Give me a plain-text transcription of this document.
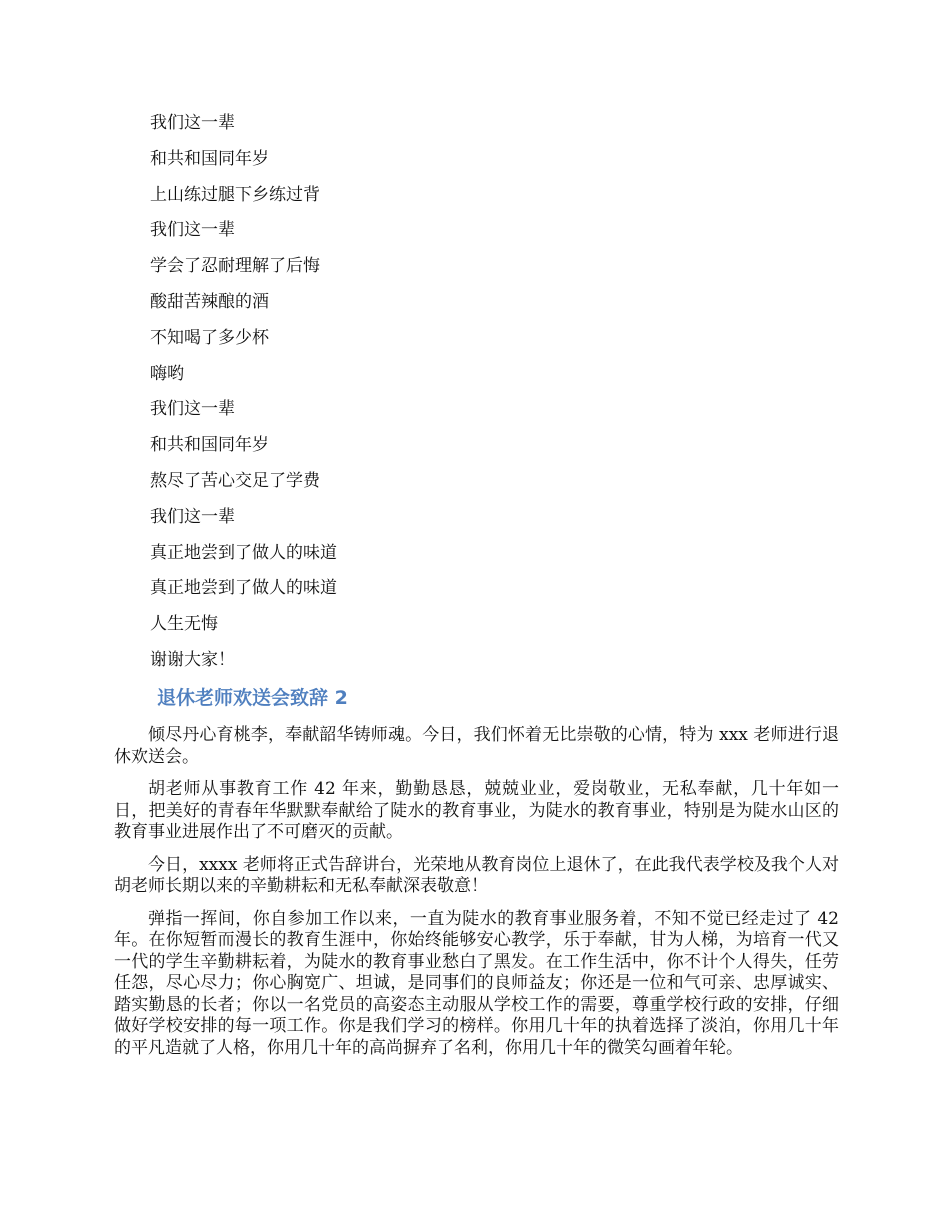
我们这一辈
和共和国同年岁
上山练过腿下乡练过背
我们这一辈
学会了忍耐理解了后悔
酸甜苦辣酿的酒
不知喝了多少杯
嗨哟
我们这一辈
和共和国同年岁
熬尽了苦心交足了学费
我们这一辈
真正地尝到了做人的味道
真正地尝到了做人的味道
人生无悔
谢谢大家！
退休老师欢送会致辞 2

倾尽丹心育桃李，奉献韶华铸师魂。今日，我们怀着无比崇敬的心情，特为 xxx 老师进行退休欢送会。

胡老师从事教育工作 42 年来，勤勤恳恳，兢兢业业，爱岗敬业，无私奉献，几十年如一日，把美好的青春年华默默奉献给了陡水的教育事业，为陡水的教育事业，特别是为陡水山区的教育事业进展作出了不可磨灭的贡献。

今日，xxxx 老师将正式告辞讲台，光荣地从教育岗位上退休了，在此我代表学校及我个人对胡老师长期以来的辛勤耕耘和无私奉献深表敬意！

弹指一挥间，你自参加工作以来，一直为陡水的教育事业服务着，不知不觉已经走过了 42 年。在你短暂而漫长的教育生涯中，你始终能够安心教学，乐于奉献，甘为人梯，为培育一代又一代的学生辛勤耕耘着，为陡水的教育事业愁白了黑发。在工作生活中，你不计个人得失，任劳任怨，尽心尽力；你心胸宽广、坦诚，是同事们的良师益友；你还是一位和气可亲、忠厚诚实、踏实勤恳的长者；你以一名党员的高姿态主动服从学校工作的需要，尊重学校行政的安排，仔细做好学校安排的每一项工作。你是我们学习的榜样。你用几十年的执着选择了淡泊，你用几十年的平凡造就了人格，你用几十年的高尚摒弃了名利，你用几十年的微笑勾画着年轮。
